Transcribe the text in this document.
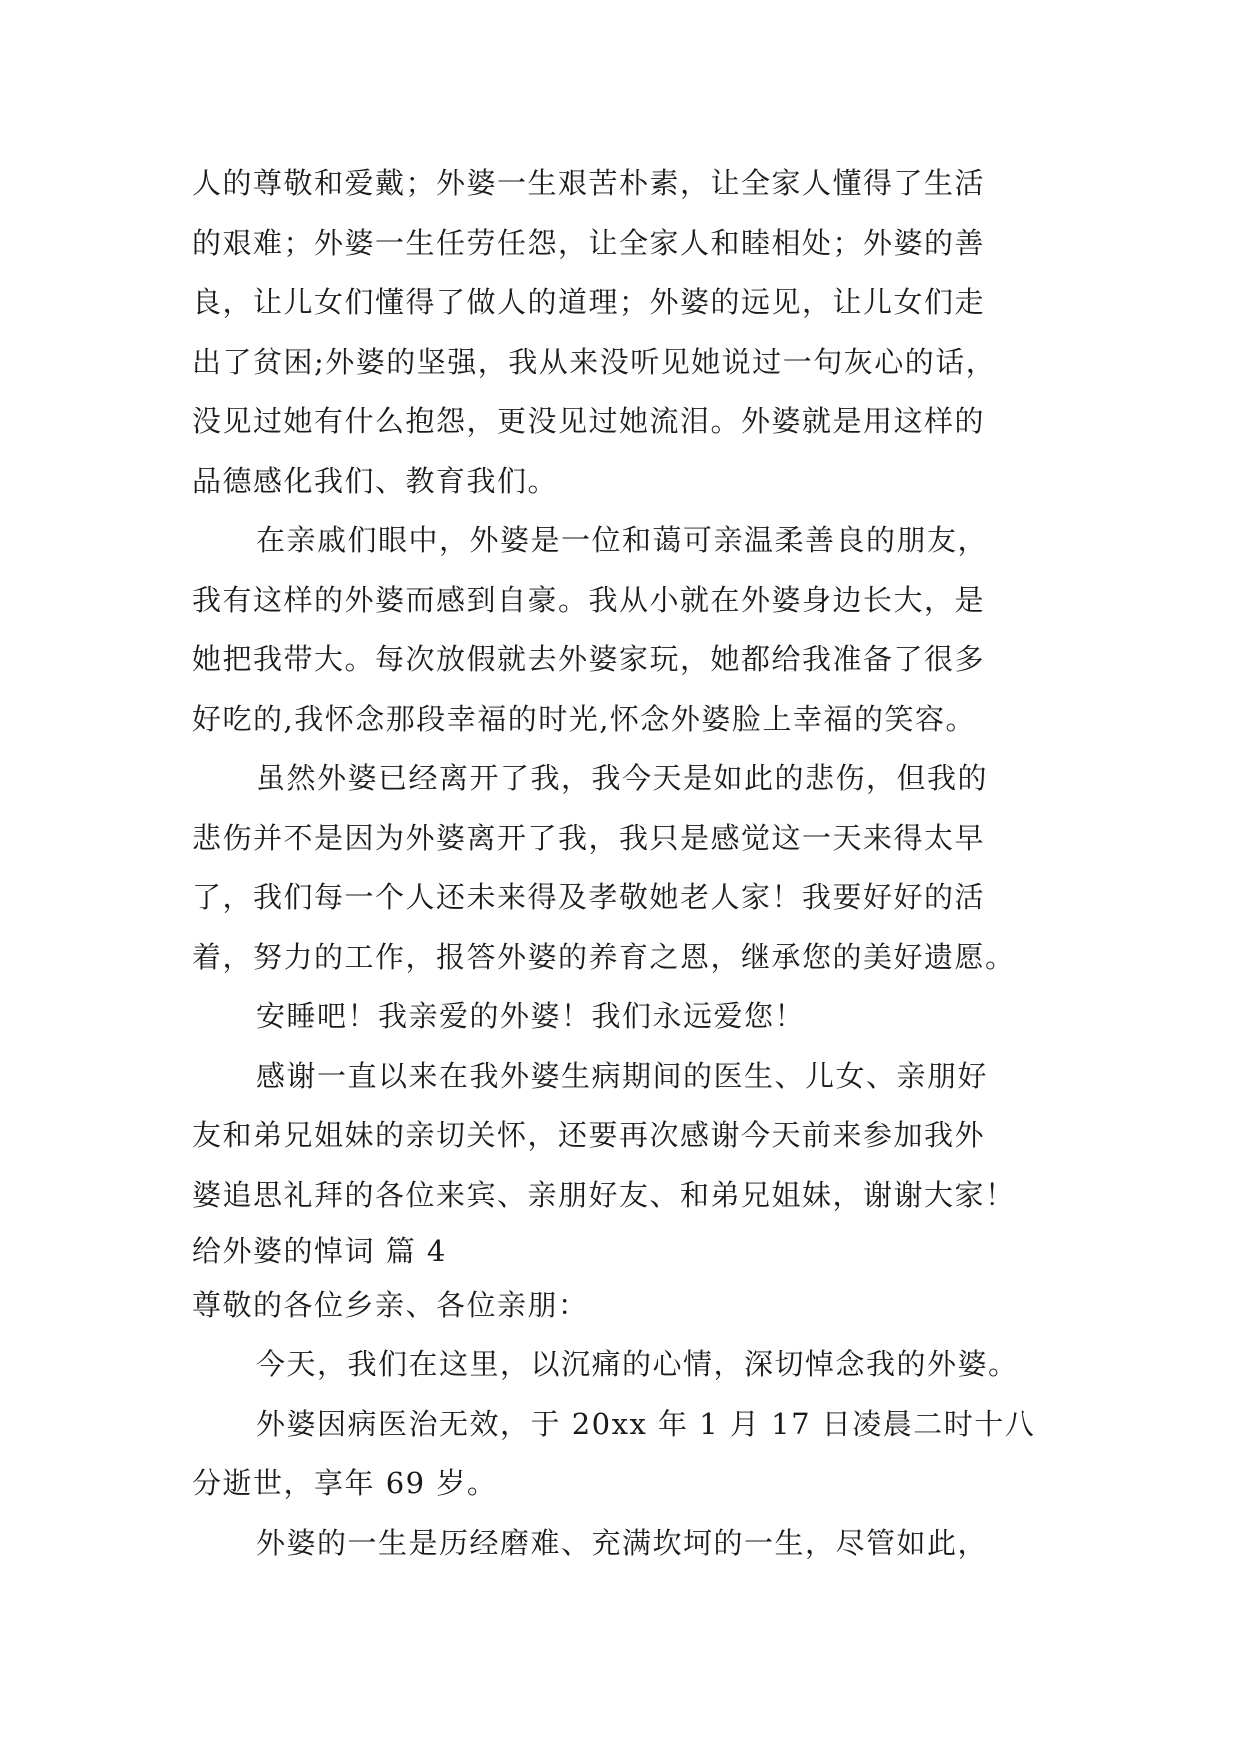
人的尊敬和爱戴；外婆一生艰苦朴素，让全家人懂得了生活
的艰难；外婆一生任劳任怨，让全家人和睦相处；外婆的善
良，让儿女们懂得了做人的道理；外婆的远见，让儿女们走
出了贫困;外婆的坚强，我从来没听见她说过一句灰心的话，
没见过她有什么抱怨，更没见过她流泪。外婆就是用这样的
品德感化我们、教育我们。
在亲戚们眼中，外婆是一位和蔼可亲温柔善良的朋友，
我有这样的外婆而感到自豪。我从小就在外婆身边长大，是
她把我带大。每次放假就去外婆家玩，她都给我准备了很多
好吃的,我怀念那段幸福的时光,怀念外婆脸上幸福的笑容。
虽然外婆已经离开了我，我今天是如此的悲伤，但我的
悲伤并不是因为外婆离开了我，我只是感觉这一天来得太早
了，我们每一个人还未来得及孝敬她老人家！我要好好的活
着，努力的工作，报答外婆的养育之恩，继承您的美好遗愿。
安睡吧！我亲爱的外婆！我们永远爱您！
感谢一直以来在我外婆生病期间的医生、儿女、亲朋好
友和弟兄姐妹的亲切关怀，还要再次感谢今天前来参加我外
婆追思礼拜的各位来宾、亲朋好友、和弟兄姐妹，谢谢大家！
给外婆的悼词 篇 4
尊敬的各位乡亲、各位亲朋：
今天，我们在这里，以沉痛的心情，深切悼念我的外婆。
外婆因病医治无效，于 20xx 年 1 月 17 日凌晨二时十八
分逝世，享年 69 岁。
外婆的一生是历经磨难、充满坎坷的一生，尽管如此，
